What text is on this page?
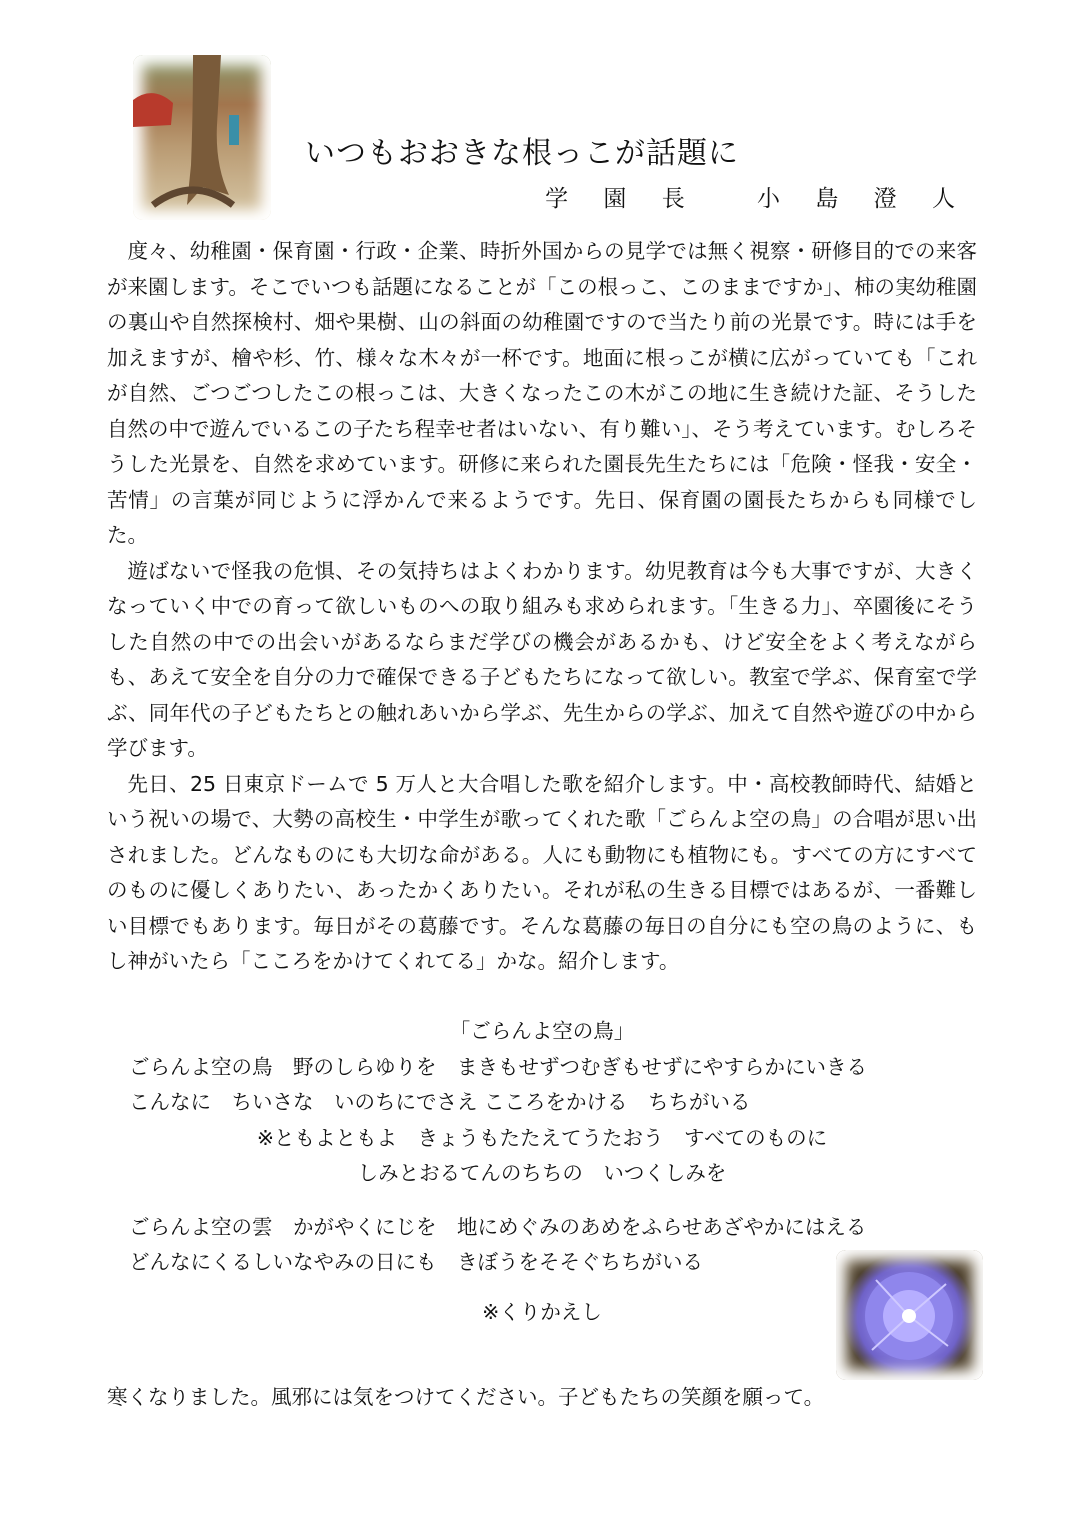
いつもおおきな根っこが話題に
学 園 長　 小 島 澄 人

度々、幼稚園・保育園・行政・企業、時折外国からの見学では無く視察・研修目的での来客が来園します。そこでいつも話題になることが「この根っこ、このままですか」、柿の実幼稚園の裏山や自然探検村、畑や果樹、山の斜面の幼稚園ですので当たり前の光景です。時には手を加えますが、檜や杉、竹、様々な木々が一杯です。地面に根っこが横に広がっていても「これが自然、ごつごつしたこの根っこは、大きくなったこの木がこの地に生き続けた証、そうした自然の中で遊んでいるこの子たち程幸せ者はいない、有り難い」、そう考えています。むしろそうした光景を、自然を求めています。研修に来られた園長先生たちには「危険・怪我・安全・苦情」の言葉が同じように浮かんで来るようです。先日、保育園の園長たちからも同様でした。

遊ばないで怪我の危惧、その気持ちはよくわかります。幼児教育は今も大事ですが、大きくなっていく中での育って欲しいものへの取り組みも求められます。「生きる力」、卒園後にそうした自然の中での出会いがあるならまだ学びの機会があるかも、けど安全をよく考えながらも、あえて安全を自分の力で確保できる子どもたちになって欲しい。教室で学ぶ、保育室で学ぶ、同年代の子どもたちとの触れあいから学ぶ、先生からの学ぶ、加えて自然や遊びの中から学びます。

先日、25 日東京ドームで 5 万人と大合唱した歌を紹介します。中・高校教師時代、結婚という祝いの場で、大勢の高校生・中学生が歌ってくれた歌「ごらんよ空の鳥」の合唱が思い出されました。どんなものにも大切な命がある。人にも動物にも植物にも。すべての方にすべてのものに優しくありたい、あったかくありたい。それが私の生きる目標ではあるが、一番難しい目標でもあります。毎日がその葛藤です。そんな葛藤の毎日の自分にも空の鳥のように、もし神がいたら「こころをかけてくれてる」かな。紹介します。

「ごらんよ空の鳥」
ごらんよ空の鳥　野のしらゆりを　まきもせずつむぎもせずにやすらかにいきる
こんなに　ちいさな　いのちにでさえ こころをかける　ちちがいる
※ともよともよ　きょうもたたえてうたおう　すべてのものに
しみとおるてんのちちの　いつくしみを
ごらんよ空の雲　かがやくにじを　地にめぐみのあめをふらせあざやかにはえる
どんなにくるしいなやみの日にも　きぼうをそそぐちちがいる
※くりかえし
寒くなりました。風邪には気をつけてください。子どもたちの笑顔を願って。
